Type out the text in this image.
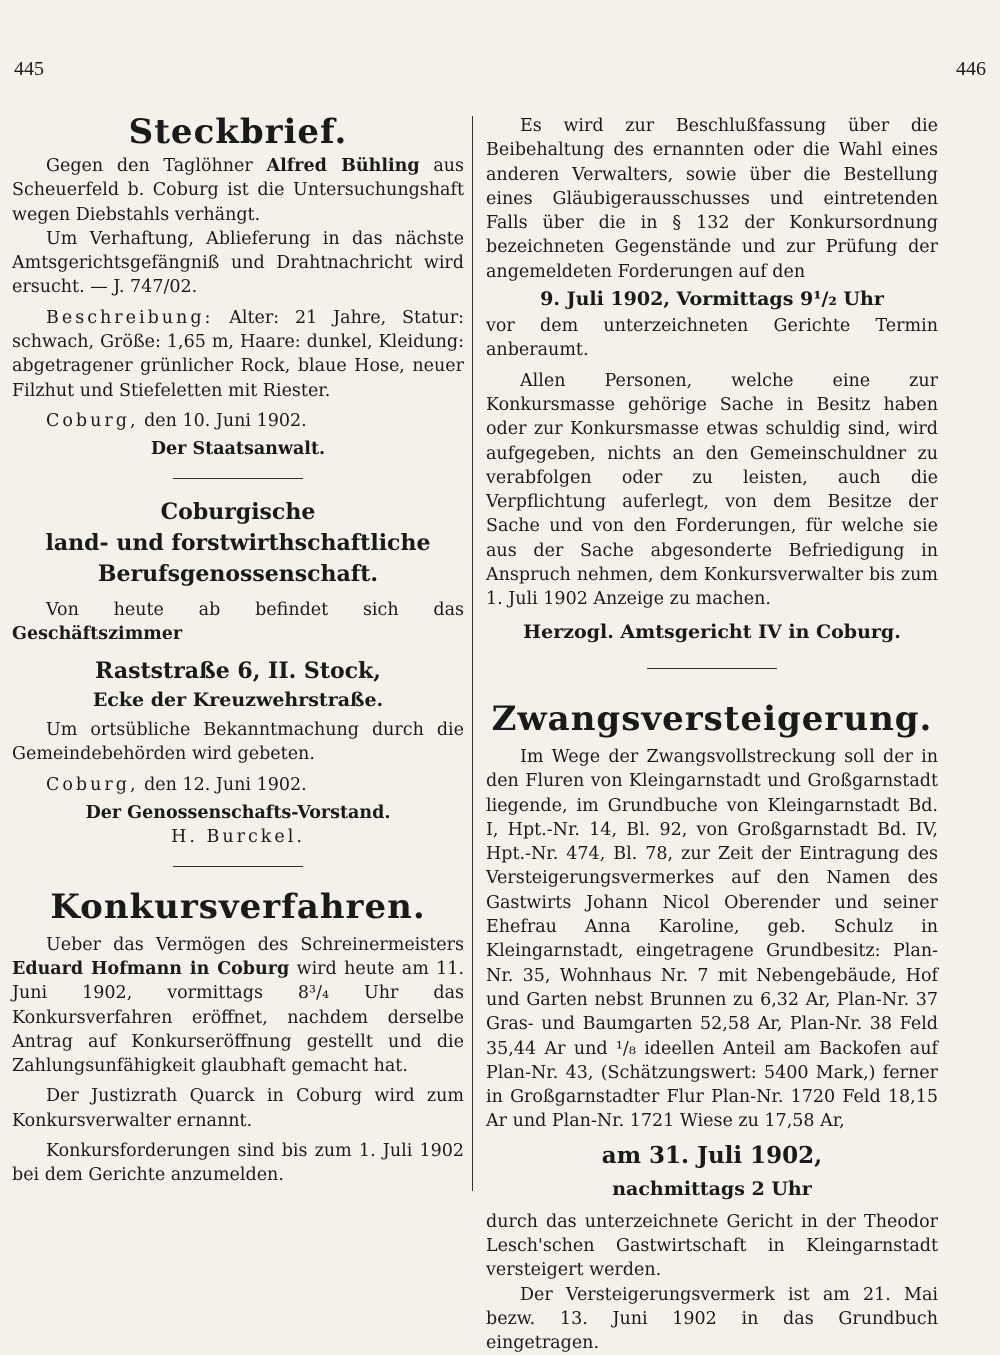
445	446
Steckbrief.

Gegen den Taglöhner Alfred Bühling aus Scheuerfeld b. Coburg ist die Untersuchungshaft wegen Diebstahls verhängt.

Um Verhaftung, Ablieferung in das nächste Amtsgerichtsgefängniß und Drahtnachricht wird ersucht. — J. 747/02.

Beschreibung: Alter: 21 Jahre, Statur: schwach, Größe: 1,65 m, Haare: dunkel, Kleidung: abgetragener grünlicher Rock, blaue Hose, neuer Filzhut und Stiefeletten mit Riester.

Coburg, den 10. Juni 1902.

Der Staatsanwalt.

Coburgische
land- und forstwirthschaftliche
Berufsgenossenschaft.

Von heute ab befindet sich das Geschäftszimmer

Raststraße 6, II. Stock,
Ecke der Kreuzwehrstraße.

Um ortsübliche Bekanntmachung durch die Gemeindebehörden wird gebeten.

Coburg, den 12. Juni 1902.

Der Genossenschafts-Vorstand.

H. Burckel.

Konkursverfahren.

Ueber das Vermögen des Schreinermeisters Eduard Hofmann in Coburg wird heute am 11. Juni 1902, vormittags 8³/₄ Uhr das Konkursverfahren eröffnet, nachdem derselbe Antrag auf Konkurseröffnung gestellt und die Zahlungsunfähigkeit glaubhaft gemacht hat.

Der Justizrath Quarck in Coburg wird zum Konkursverwalter ernannt.

Konkursforderungen sind bis zum 1. Juli 1902 bei dem Gerichte anzumelden.

Es wird zur Beschlußfassung über die Beibehaltung des ernannten oder die Wahl eines anderen Verwalters, sowie über die Bestellung eines Gläubigerausschusses und eintretenden Falls über die in § 132 der Konkursordnung bezeichneten Gegenstände und zur Prüfung der angemeldeten Forderungen auf den

9. Juli 1902, Vormittags 9¹/₂ Uhr

vor dem unterzeichneten Gerichte Termin anberaumt.

Allen Personen, welche eine zur Konkursmasse gehörige Sache in Besitz haben oder zur Konkursmasse etwas schuldig sind, wird aufgegeben, nichts an den Gemeinschuldner zu verabfolgen oder zu leisten, auch die Verpflichtung auferlegt, von dem Besitze der Sache und von den Forderungen, für welche sie aus der Sache abgesonderte Befriedigung in Anspruch nehmen, dem Konkursverwalter bis zum 1. Juli 1902 Anzeige zu machen.

Herzogl. Amtsgericht IV in Coburg.

Zwangsversteigerung.

Im Wege der Zwangsvollstreckung soll der in den Fluren von Kleingarnstadt und Großgarnstadt liegende, im Grundbuche von Kleingarnstadt Bd. I, Hpt.-Nr. 14, Bl. 92, von Großgarnstadt Bd. IV, Hpt.-Nr. 474, Bl. 78, zur Zeit der Eintragung des Versteigerungsvermerkes auf den Namen des Gastwirts Johann Nicol Oberender und seiner Ehefrau Anna Karoline, geb. Schulz in Kleingarnstadt, eingetragene Grundbesitz: Plan-Nr. 35, Wohnhaus Nr. 7 mit Nebengebäude, Hof und Garten nebst Brunnen zu 6,32 Ar, Plan-Nr. 37 Gras- und Baumgarten 52,58 Ar, Plan-Nr. 38 Feld 35,44 Ar und ¹/₈ ideellen Anteil am Backofen auf Plan-Nr. 43, (Schätzungswert: 5400 Mark,) ferner in Großgarnstadter Flur Plan-Nr. 1720 Feld 18,15 Ar und Plan-Nr. 1721 Wiese zu 17,58 Ar,

am 31. Juli 1902,
nachmittags 2 Uhr

durch das unterzeichnete Gericht in der Theodor Lesch'schen Gastwirtschaft in Kleingarnstadt versteigert werden.

Der Versteigerungsvermerk ist am 21. Mai bezw. 13. Juni 1902 in das Grundbuch eingetragen.
